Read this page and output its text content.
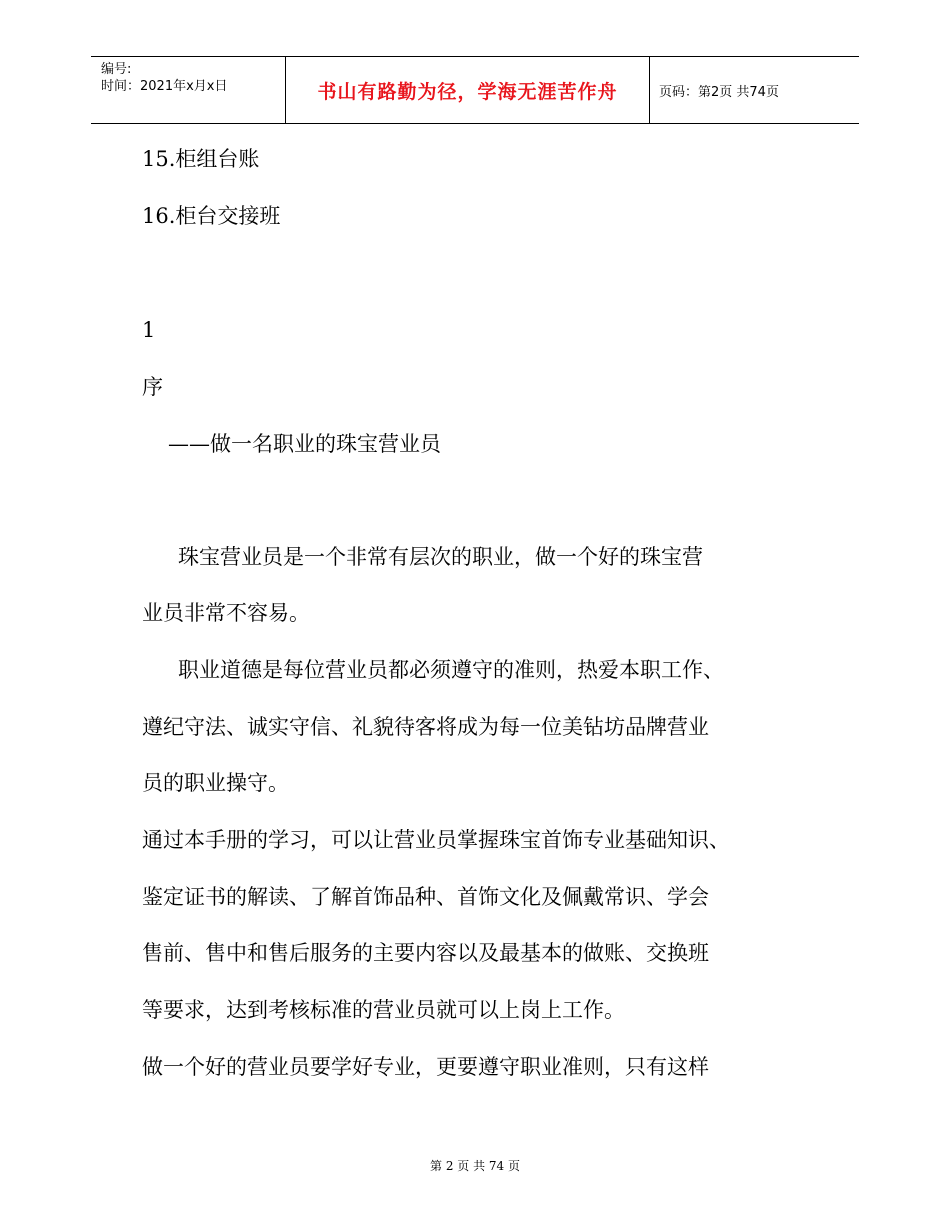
编号:
时间：2021年x月x日	书山有路勤为径，学海无涯苦作舟	页码：第2页 共74页
15.柜组台账
16.柜台交接班
1
序
——做一名职业的珠宝营业员
珠宝营业员是一个非常有层次的职业，做一个好的珠宝营
业员非常不容易。
职业道德是每位营业员都必须遵守的准则，热爱本职工作、
遵纪守法、诚实守信、礼貌待客将成为每一位美钻坊品牌营业
员的职业操守。
通过本手册的学习，可以让营业员掌握珠宝首饰专业基础知识、
鉴定证书的解读、了解首饰品种、首饰文化及佩戴常识、学会
售前、售中和售后服务的主要内容以及最基本的做账、交换班
等要求，达到考核标准的营业员就可以上岗上工作。
做一个好的营业员要学好专业，更要遵守职业准则，只有这样
第 2 页 共 74 页
